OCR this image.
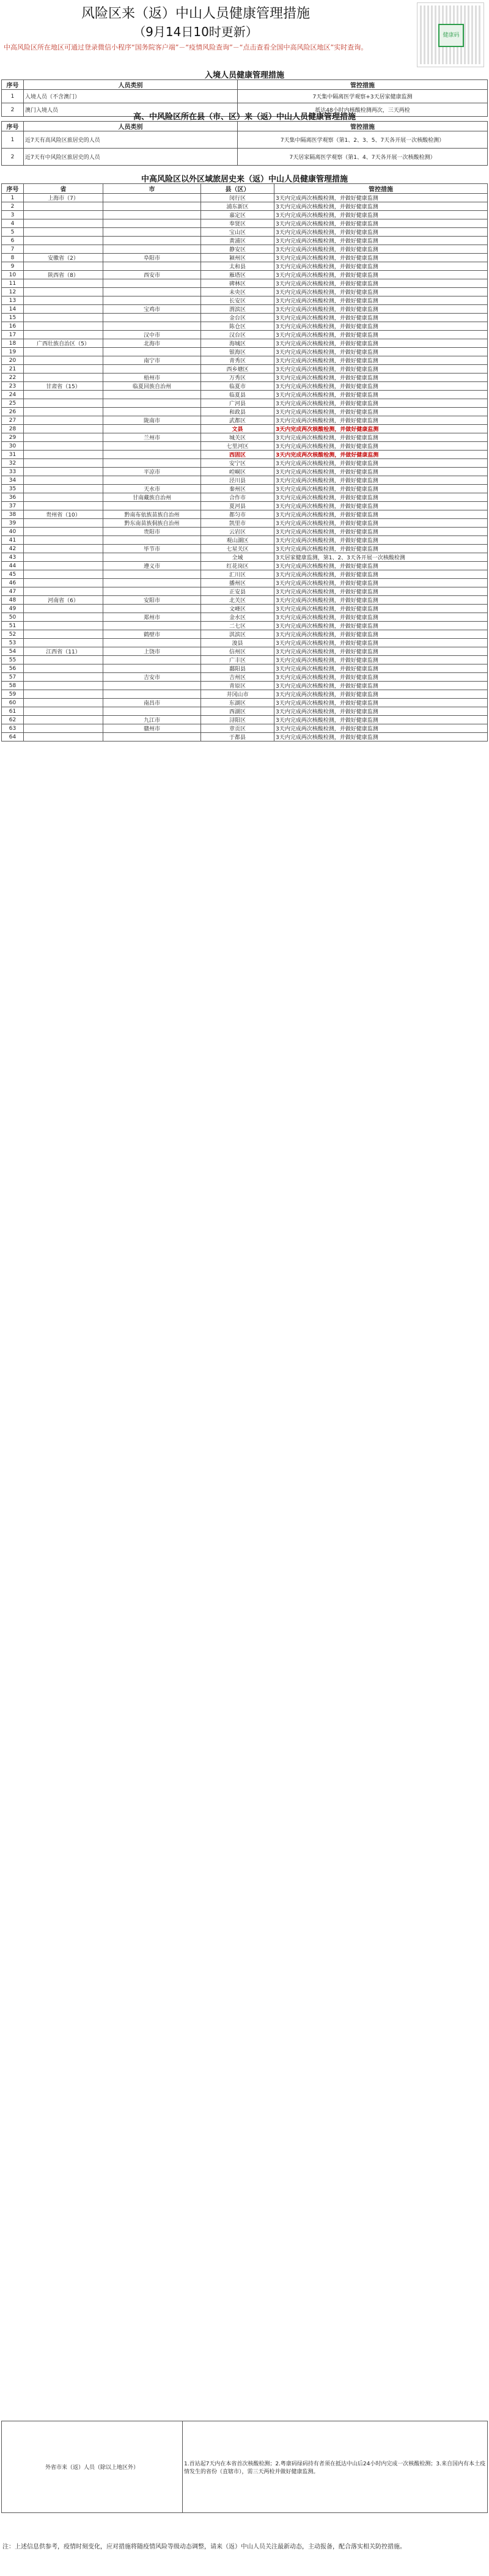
风险区来（返）中山人员健康管理措施
（9月14日10时更新）	健康码
中高风险区所在地区可通过登录微信小程序“国务院客户端”－“疫情风险查询”－“点击查看全国中高风险区地区”实时查询。
入境人员健康管理措施
序号	人员类别	管控措施
1	入境人员（不含澳门）	7天集中隔离医学观察+3天居家健康监测
2	澳门入境人员	抵达48小时内核酸检测两次，三天两检
高、中风险区所在县（市、区）来（返）中山人员健康管理措施
序号	人员类别	管控措施
1	近7天有高风险区旅居史的人员	7天集中隔离医学观察（第1、2、3、5、7天各开展一次核酸检测）
2	近7天有中风险区旅居史的人员	7天居家隔离医学观察（第1、4、7天各开展一次核酸检测）
中高风险区以外区域旅居史来（返）中山人员健康管理措施
序号	省	市	县（区）	管控措施
1	上海市（7）		闵行区	3天内完成两次核酸检测，并做好健康监测
2			浦东新区	3天内完成两次核酸检测，并做好健康监测
3			嘉定区	3天内完成两次核酸检测，并做好健康监测
4			奉贤区	3天内完成两次核酸检测，并做好健康监测
5			宝山区	3天内完成两次核酸检测，并做好健康监测
6			黄浦区	3天内完成两次核酸检测，并做好健康监测
7			静安区	3天内完成两次核酸检测，并做好健康监测
8	安徽省（2）	阜阳市	颍州区	3天内完成两次核酸检测，并做好健康监测
9			太和县	3天内完成两次核酸检测，并做好健康监测
10	陕西省（8）	西安市	雁塔区	3天内完成两次核酸检测，并做好健康监测
11			碑林区	3天内完成两次核酸检测，并做好健康监测
12			未央区	3天内完成两次核酸检测，并做好健康监测
13			长安区	3天内完成两次核酸检测，并做好健康监测
14		宝鸡市	渭滨区	3天内完成两次核酸检测，并做好健康监测
15			金台区	3天内完成两次核酸检测，并做好健康监测
16			陈仓区	3天内完成两次核酸检测，并做好健康监测
17		汉中市	汉台区	3天内完成两次核酸检测，并做好健康监测
18	广西壮族自治区（5）	北海市	海城区	3天内完成两次核酸检测，并做好健康监测
19			银海区	3天内完成两次核酸检测，并做好健康监测
20		南宁市	青秀区	3天内完成两次核酸检测，并做好健康监测
21			西乡塘区	3天内完成两次核酸检测，并做好健康监测
22		梧州市	万秀区	3天内完成两次核酸检测，并做好健康监测
23	甘肃省（15）	临夏回族自治州	临夏市	3天内完成两次核酸检测，并做好健康监测
24			临夏县	3天内完成两次核酸检测，并做好健康监测
25			广河县	3天内完成两次核酸检测，并做好健康监测
26			和政县	3天内完成两次核酸检测，并做好健康监测
27		陇南市	武都区	3天内完成两次核酸检测，并做好健康监测
28			文县	3天内完成两次核酸检测，并做好健康监测
29		兰州市	城关区	3天内完成两次核酸检测，并做好健康监测
30			七里河区	3天内完成两次核酸检测，并做好健康监测
31			西固区	3天内完成两次核酸检测，并做好健康监测
32			安宁区	3天内完成两次核酸检测，并做好健康监测
33		平凉市	崆峒区	3天内完成两次核酸检测，并做好健康监测
34			泾川县	3天内完成两次核酸检测，并做好健康监测
35		天水市	秦州区	3天内完成两次核酸检测，并做好健康监测
36		甘南藏族自治州	合作市	3天内完成两次核酸检测，并做好健康监测
37			夏河县	3天内完成两次核酸检测，并做好健康监测
38	贵州省（10）	黔南布依族苗族自治州	都匀市	3天内完成两次核酸检测，并做好健康监测
39		黔东南苗族侗族自治州	凯里市	3天内完成两次核酸检测，并做好健康监测
40		贵阳市	云岩区	3天内完成两次核酸检测，并做好健康监测
41			观山湖区	3天内完成两次核酸检测，并做好健康监测
42		毕节市	七星关区	3天内完成两次核酸检测，并做好健康监测
43			全域	3天居家健康监测，第1、2、3天各开展一次核酸检测
44		遵义市	红花岗区	3天内完成两次核酸检测，并做好健康监测
45			汇川区	3天内完成两次核酸检测，并做好健康监测
46			播州区	3天内完成两次核酸检测，并做好健康监测
47			正安县	3天内完成两次核酸检测，并做好健康监测
48	河南省（6）	安阳市	北关区	3天内完成两次核酸检测，并做好健康监测
49			文峰区	3天内完成两次核酸检测，并做好健康监测
50		郑州市	金水区	3天内完成两次核酸检测，并做好健康监测
51			二七区	3天内完成两次核酸检测，并做好健康监测
52		鹤壁市	淇滨区	3天内完成两次核酸检测，并做好健康监测
53			浚县	3天内完成两次核酸检测，并做好健康监测
54	江西省（11）	上饶市	信州区	3天内完成两次核酸检测，并做好健康监测
55			广丰区	3天内完成两次核酸检测，并做好健康监测
56			鄱阳县	3天内完成两次核酸检测，并做好健康监测
57		吉安市	吉州区	3天内完成两次核酸检测，并做好健康监测
58			青原区	3天内完成两次核酸检测，并做好健康监测
59			井冈山市	3天内完成两次核酸检测，并做好健康监测
60		南昌市	东湖区	3天内完成两次核酸检测，并做好健康监测
61			西湖区	3天内完成两次核酸检测，并做好健康监测
62		九江市	浔阳区	3天内完成两次核酸检测，并做好健康监测
63		赣州市	章贡区	3天内完成两次核酸检测，并做好健康监测
64			于都县	3天内完成两次核酸检测，并做好健康监测
外省市来（返）人员（除以上地区外）	1.首站起7天内在本省首次核酸检测；2.粤康码绿码持有者须在抵达中山后24小时内完成一次核酸检测；3.来自国内有本土疫情发生的省份（直辖市），需三天两检并做好健康监测。
注：上述信息供参考，疫情时刻变化，应对措施将随疫情风险等级动态调整，请来（返）中山人员关注最新动态，主动报备，配合落实相关防控措施。
